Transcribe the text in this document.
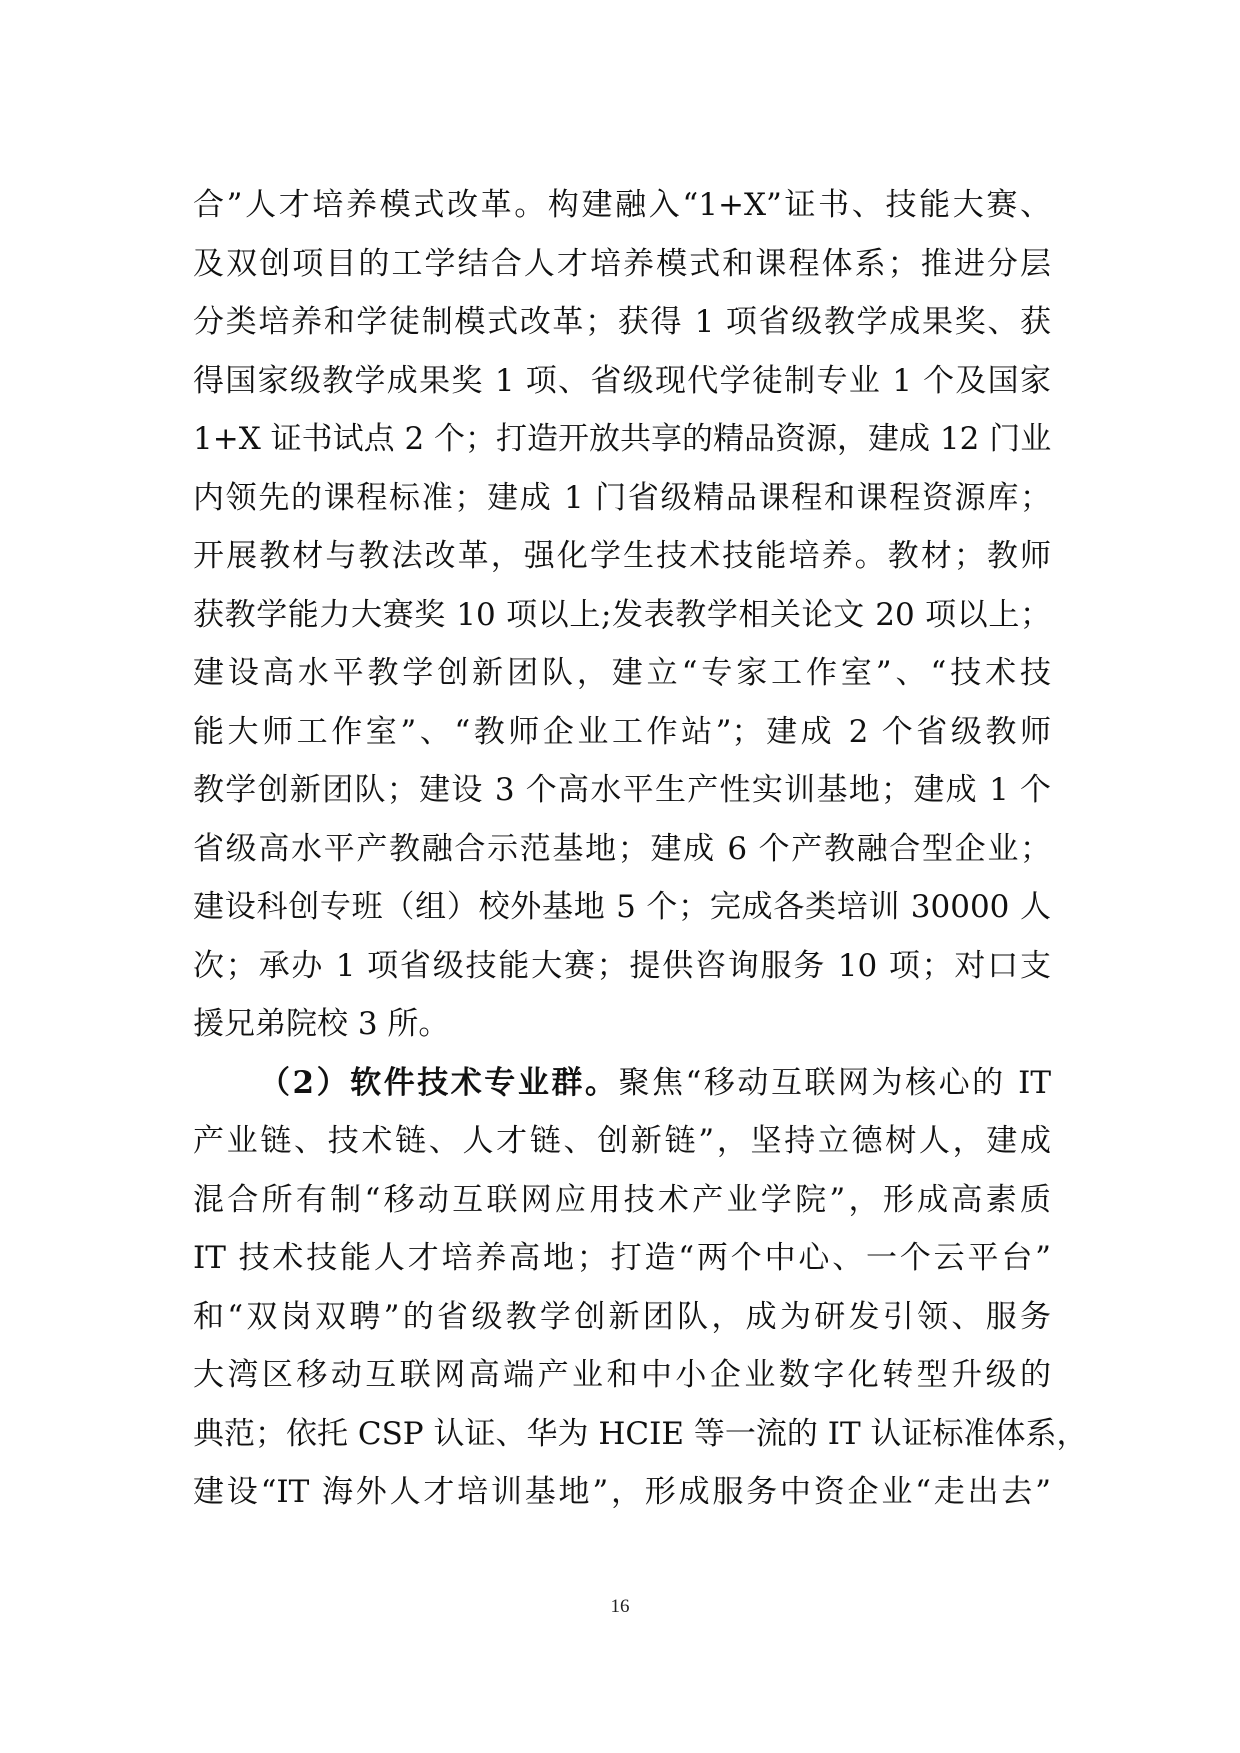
合”人才培养模式改革。构建融入“1+X”证书、技能大赛、
及双创项目的工学结合人才培养模式和课程体系；推进分层
分类培养和学徒制模式改革；获得 1 项省级教学成果奖、获
得国家级教学成果奖 1 项、省级现代学徒制专业 1 个及国家
1+X 证书试点 2 个；打造开放共享的精品资源，建成 12 门业
内领先的课程标准；建成 1 门省级精品课程和课程资源库；
开展教材与教法改革，强化学生技术技能培养。教材；教师
获教学能力大赛奖 10 项以上;发表教学相关论文 20 项以上；
建设高水平教学创新团队，建立“专家工作室”、“技术技
能大师工作室”、“教师企业工作站”；建成 2 个省级教师
教学创新团队；建设 3 个高水平生产性实训基地；建成 1 个
省级高水平产教融合示范基地；建成 6 个产教融合型企业；
建设科创专班（组）校外基地 5 个；完成各类培训 30000 人
次；承办 1 项省级技能大赛；提供咨询服务 10 项；对口支
援兄弟院校 3 所。
（2）软件技术专业群。聚焦“移动互联网为核心的 IT
产业链、技术链、人才链、创新链”，坚持立德树人，建成
混合所有制“移动互联网应用技术产业学院”，形成高素质
IT 技术技能人才培养高地；打造“两个中心、一个云平台”
和“双岗双聘”的省级教学创新团队，成为研发引领、服务
大湾区移动互联网高端产业和中小企业数字化转型升级的
典范；依托 CSP 认证、华为 HCIE 等一流的 IT 认证标准体系，
建设“IT 海外人才培训基地”，形成服务中资企业“走出去”
16
